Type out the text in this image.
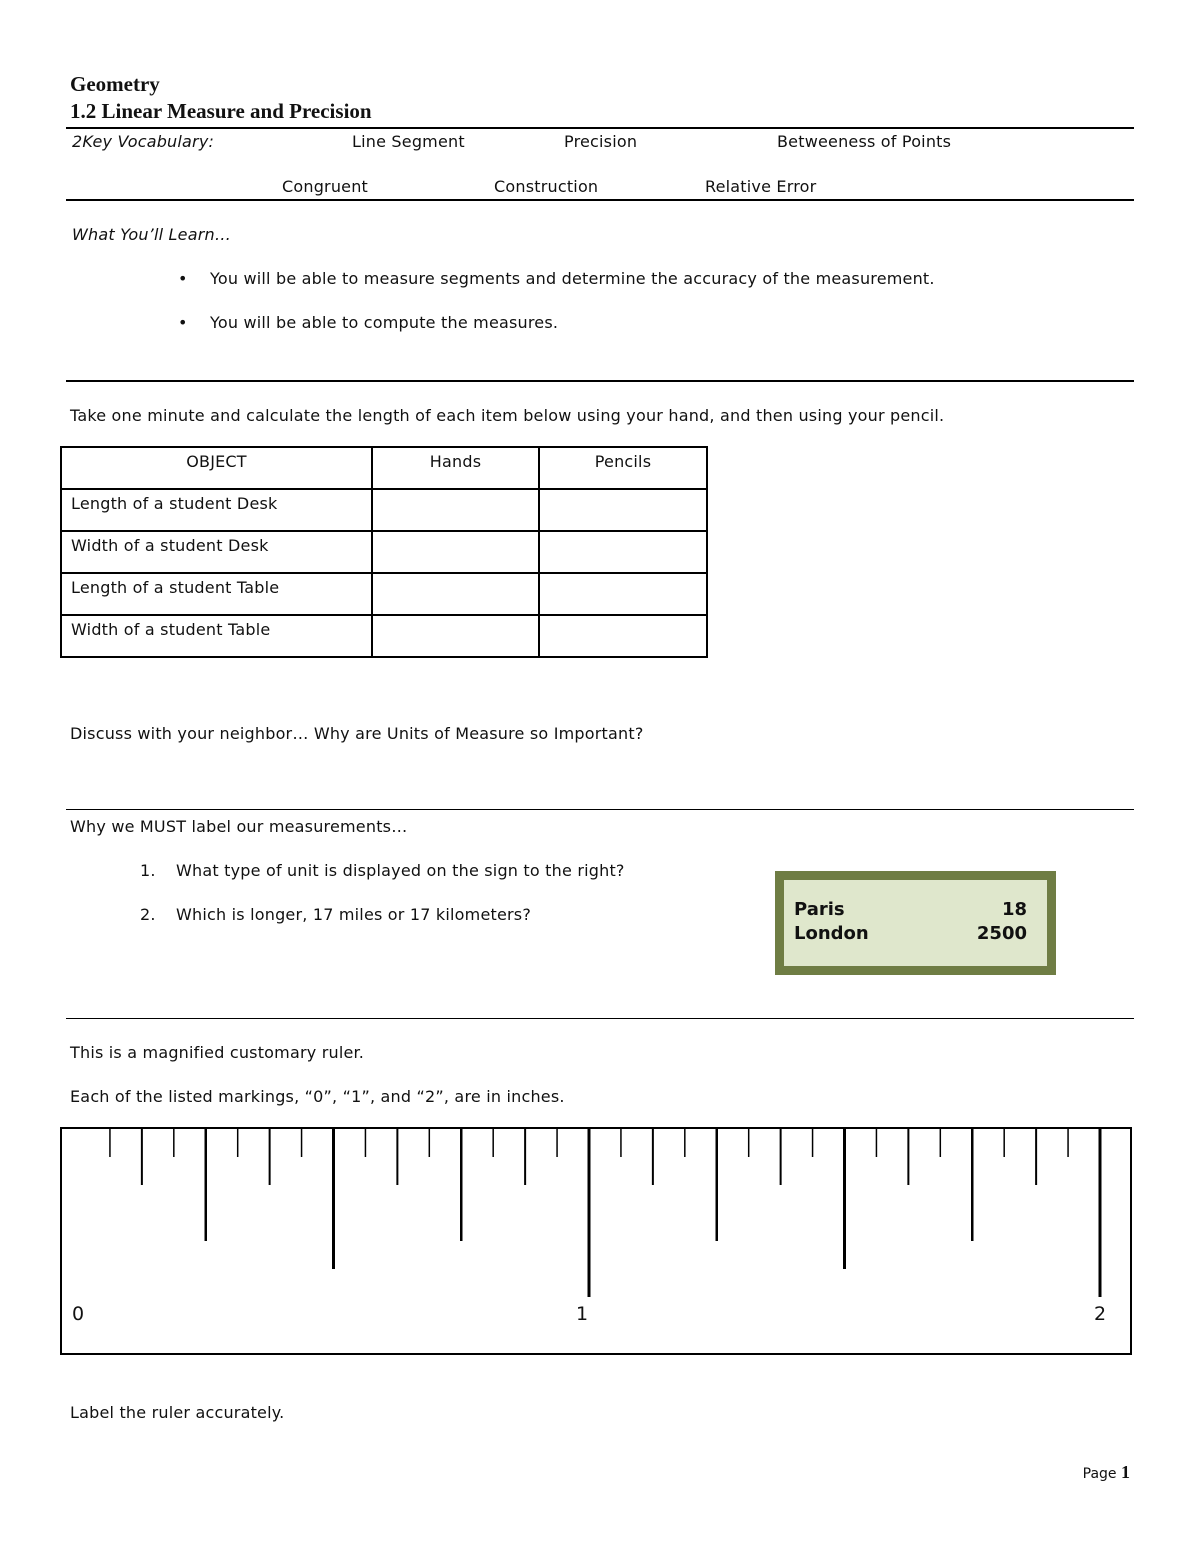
Geometry
1.2 Linear Measure and Precision
2Key Vocabulary:	Line Segment	Precision	Betweeness of Points
Congruent	Construction	Relative Error
What You’ll Learn…
• You will be able to measure segments and determine the accuracy of the measurement.
• You will be able to compute the measures.
Take one minute and calculate the length of each item below using your hand, and then using your pencil.
OBJECT	Hands	Pencils
Length of a student Desk		
Width of a student Desk		
Length of a student Table		
Width of a student Table		
Discuss with your neighbor… Why are Units of Measure so Important?
Why we MUST label our measurements…
1. What type of unit is displayed on the sign to the right?
2. Which is longer, 17 miles or 17 kilometers?	Paris	18
London	2500
This is a magnified customary ruler.
Each of the listed markings, “0”, “1”, and “2”, are in inches.
0	1	2
Label the ruler accurately.
Page 1
